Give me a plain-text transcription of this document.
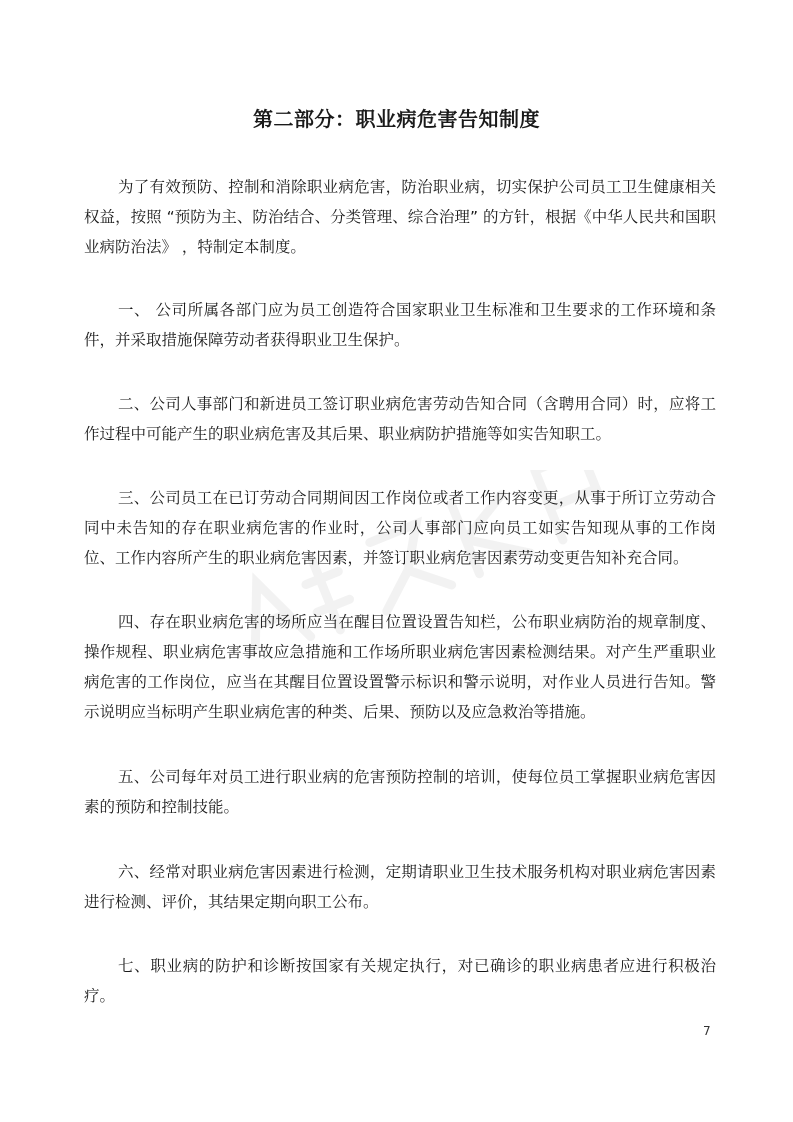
第二部分：职业病危害告知制度

为了有效预防、控制和消除职业病危害，防治职业病，切实保护公司员工卫生健康相关权益，按照 “预防为主、防治结合、分类管理、综合治理” 的方针，根据《中华人民共和国职业病防治法》 ，特制定本制度。

一、 公司所属各部门应为员工创造符合国家职业卫生标准和卫生要求的工作环境和条件，并采取措施保障劳动者获得职业卫生保护。

二、公司人事部门和新进员工签订职业病危害劳动告知合同（含聘用合同）时，应将工作过程中可能产生的职业病危害及其后果、职业病防护措施等如实告知职工。

三、公司员工在已订劳动合同期间因工作岗位或者工作内容变更，从事于所订立劳动合同中未告知的存在职业病危害的作业时，公司人事部门应向员工如实告知现从事的工作岗位、工作内容所产生的职业病危害因素，并签订职业病危害因素劳动变更告知补充合同。

四、存在职业病危害的场所应当在醒目位置设置告知栏，公布职业病防治的规章制度、操作规程、职业病危害事故应急措施和工作场所职业病危害因素检测结果。对产生严重职业病危害的工作岗位，应当在其醒目位置设置警示标识和警示说明，对作业人员进行告知。警示说明应当标明产生职业病危害的种类、后果、预防以及应急救治等措施。

五、公司每年对员工进行职业病的危害预防控制的培训，使每位员工掌握职业病危害因素的预防和控制技能。

六、经常对职业病危害因素进行检测，定期请职业卫生技术服务机构对职业病危害因素进行检测、评价，其结果定期向职工公布。

七、职业病的防护和诊断按国家有关规定执行，对已确诊的职业病患者应进行积极治疗。

7
